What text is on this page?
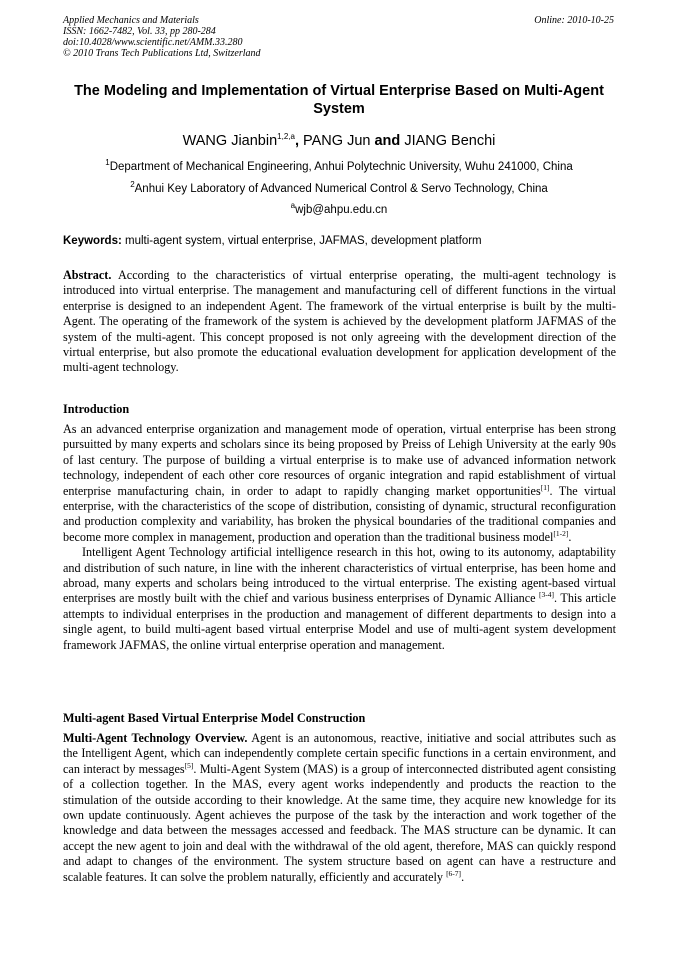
Applied Mechanics and Materials
ISSN: 1662-7482, Vol. 33, pp 280-284
doi:10.4028/www.scientific.net/AMM.33.280
© 2010 Trans Tech Publications Ltd, Switzerland
Online: 2010-10-25
The Modeling and Implementation of Virtual Enterprise Based on Multi-Agent System
WANG Jianbin$^{1,2,a}$, PANG Jun and JIANG Benchi
$^1$Department of Mechanical Engineering, Anhui Polytechnic University, Wuhu 241000, China
$^2$Anhui Key Laboratory of Advanced Numerical Control & Servo Technology, China
$^a$wjb@ahpu.edu.cn
Keywords: multi-agent system, virtual enterprise, JAFMAS, development platform
Abstract. According to the characteristics of virtual enterprise operating, the multi-agent technology is introduced into virtual enterprise. The management and manufacturing cell of different functions in the virtual enterprise is designed to an independent Agent. The framework of the virtual enterprise is built by the multi-Agent. The operating of the framework of the system is achieved by the development platform JAFMAS of the system of the multi-agent. This concept proposed is not only agreeing with the development direction of the virtual enterprise, but also promote the educational evaluation development for application development of the multi-agent technology.
Introduction

As an advanced enterprise organization and management mode of operation, virtual enterprise has been strong pursuitted by many experts and scholars since its being proposed by Preiss of Lehigh University at the early 90s of last century. The purpose of building a virtual enterprise is to make use of advanced information network technology, independent of each other core resources of organic integration and rapid establishment of virtual enterprise manufacturing chain, in order to adapt to rapidly changing market opportunities[1]. The virtual enterprise, with the characteristics of the scope of distribution, consisting of dynamic, structural reconfiguration and production complexity and variability, has broken the physical boundaries of the traditional companies and become more complex in management, production and operation than the traditional business model[1-2].

Intelligent Agent Technology artificial intelligence research in this hot, owing to its autonomy, adaptability and distribution of such nature, in line with the inherent characteristics of virtual enterprise, has been home and abroad, many experts and scholars being introduced to the virtual enterprise. The existing agent-based virtual enterprises are mostly built with the chief and various business enterprises of Dynamic Alliance [3-4]. This article attempts to individual enterprises in the production and management of different departments to design into a single agent, to build multi-agent based virtual enterprise Model and use of multi-agent system development framework JAFMAS, the online virtual enterprise operation and management.

Multi-agent Based Virtual Enterprise Model Construction
Multi-Agent Technology Overview. Agent is an autonomous, reactive, initiative and social attributes such as the Intelligent Agent, which can independently complete certain specific functions in a certain environment, and can interact by messages[5]. Multi-Agent System (MAS) is a group of interconnected distributed agent consisting of a collection together. In the MAS, every agent works independently and products the reaction to the stimulation of the outside according to their knowledge. At the same time, they acquire new knowledge for its own update continuously. Agent achieves the purpose of the task by the interaction and work together of the knowledge and data between the messages accessed and feedback. The MAS structure can be dynamic. It can accept the new agent to join and deal with the withdrawal of the old agent, therefore, MAS can quickly respond and adapt to changes of the environment. The system structure based on agent can have a restructure and scalable features. It can solve the problem naturally, efficiently and accurately [6-7].
